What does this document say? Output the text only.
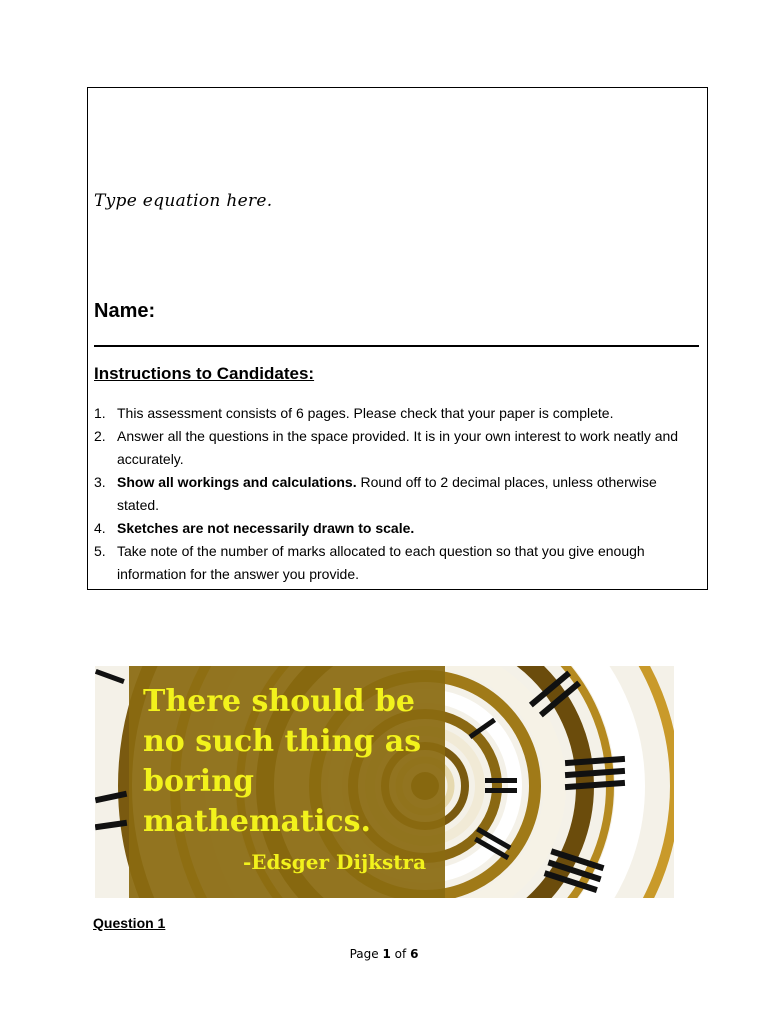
Type equation here.
Name:
Instructions to Candidates:
1. This assessment consists of 6 pages. Please check that your paper is complete.
2. Answer all the questions in the space provided. It is in your own interest to work neatly and accurately.
3. Show all workings and calculations. Round off to 2 decimal places, unless otherwise stated.
4. Sketches are not necessarily drawn to scale.
5. Take note of the number of marks allocated to each question so that you give enough information for the answer you provide.
There should be
no such thing as
boring
mathematics.
-Edsger Dijkstra
Question 1
Page 1 of 6
